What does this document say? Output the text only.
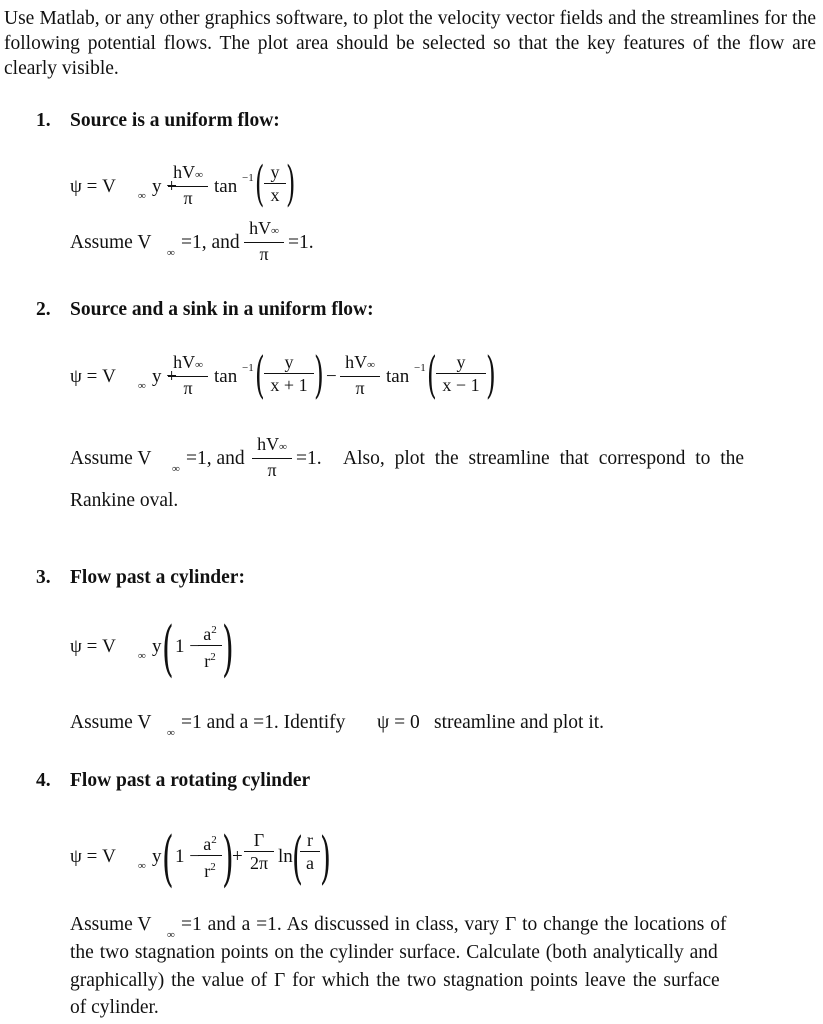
Use Matlab, or any other graphics software, to plot the velocity vector fields and the streamlines for the following potential flows. The plot area should be selected so that the key features of the flow are clearly visible.
1. Source is a uniform flow:
ψ = V ∞ y +
hV∞
π
tan −1 ( y
x )
Assume V ∞ =1, and
hV∞
π
=1.
2. Source and a sink in a uniform flow:
ψ = V ∞ y +
hV∞
π
tan −1 (	y
x + 1 ) −
hV∞
π
tan −1 (	y
x − 1 )
Assume V ∞ =1, and
hV∞
π
=1. Also, plot the streamline that correspond to the
Rankine oval.
3. Flow past a cylinder:
ψ = V ∞ y ( 1 −
$a^2$
$r^2$ )
Assume V ∞ =1 and a =1. Identify ψ = 0 streamline and plot it.
4. Flow past a rotating cylinder
ψ = V ∞ y ( 1 −
$a^2$
$r^2$ )
+
Γ
2π ln ( r
a )
Assume V ∞ =1 and a =1. As discussed in class, vary Γ to change the locations of
the two stagnation points on the cylinder surface. Calculate (both analytically and
graphically) the value of Γ for which the two stagnation points leave the surface
of cylinder.
